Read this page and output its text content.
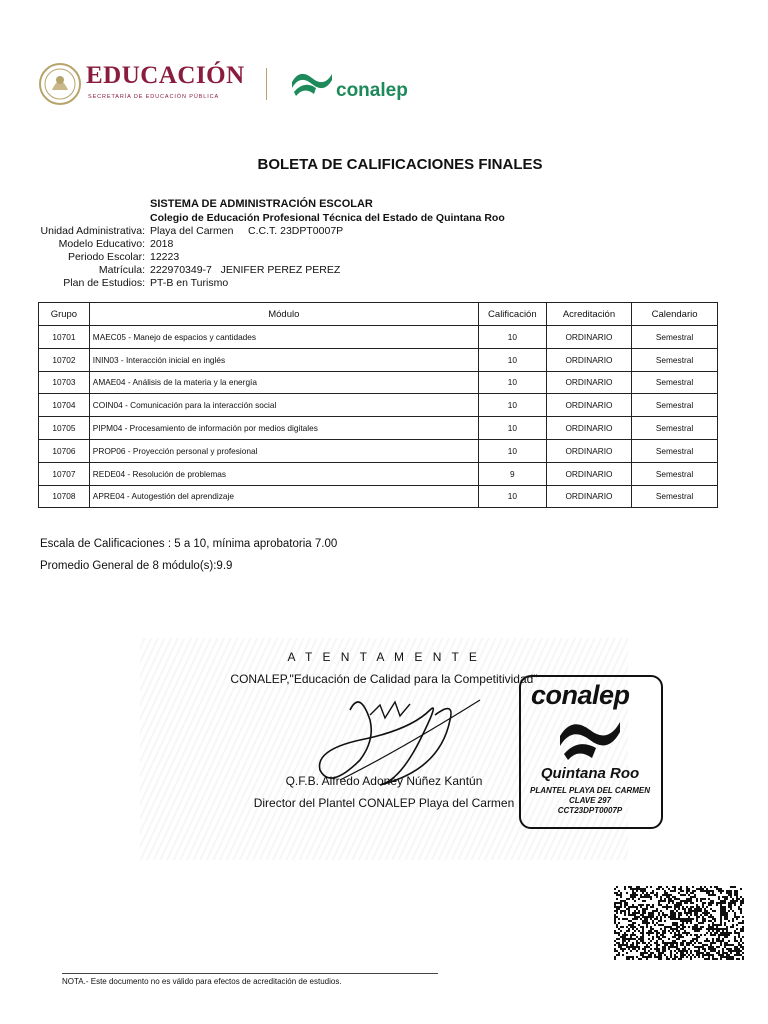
EDUCACIÓN
SECRETARÍA DE EDUCACIÓN PÚBLICA	conalep
BOLETA DE CALIFICACIONES FINALES
SISTEMA DE ADMINISTRACIÓN ESCOLAR
Colegio de Educación Profesional Técnica del Estado de Quintana Roo
Unidad Administrativa: Playa del Carmen     C.C.T. 23DPT0007P
Modelo Educativo: 2018
Periodo Escolar: 12223
Matrícula: 222970349-7   JENIFER PEREZ PEREZ
Plan de Estudios: PT-B en Turismo
Grupo	Módulo	Calificación	Acreditación	Calendario
10701	MAEC05 - Manejo de espacios y cantidades	10	ORDINARIO	Semestral
10702	ININ03 - Interacción inicial en inglés	10	ORDINARIO	Semestral
10703	AMAE04 - Análisis de la materia y la energía	10	ORDINARIO	Semestral
10704	COIN04 - Comunicación para la interacción social	10	ORDINARIO	Semestral
10705	PIPM04 - Procesamiento de información por medios digitales	10	ORDINARIO	Semestral
10706	PROP06 - Proyección personal y profesional	10	ORDINARIO	Semestral
10707	REDE04 - Resolución de problemas	9	ORDINARIO	Semestral
10708	APRE04 - Autogestión del aprendizaje	10	ORDINARIO	Semestral
Escala de Calificaciones : 5 a 10, mínima aprobatoria 7.00
Promedio General de 8 módulo(s):9.9
A T E N T A M E N T E
CONALEP,"Educación de Calidad para la Competitividad"
Q.F.B. Alfredo Adoney Núñez Kantún
Director del Plantel CONALEP Playa del Carmen
conalep
Quintana Roo
PLANTEL PLAYA DEL CARMEN
CLAVE 297
CCT23DPT0007P
NOTA.- Este documento no es válido para efectos de acreditación de estudios.
